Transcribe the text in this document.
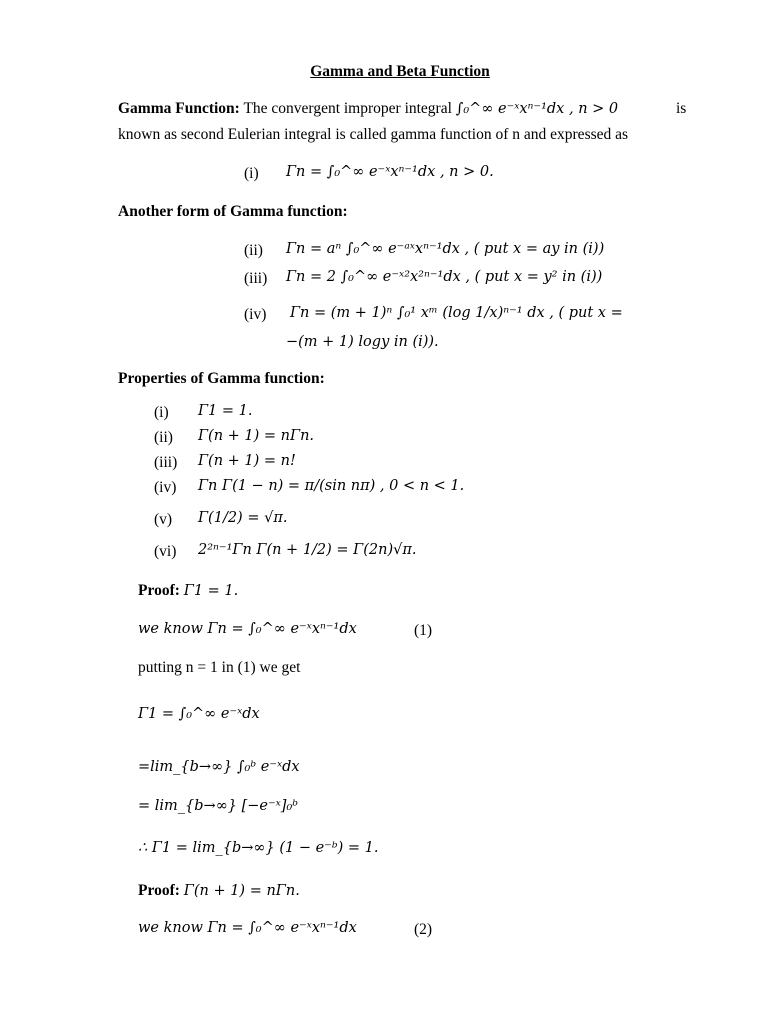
Gamma and Beta Function
Gamma Function: The convergent improper integral ∫₀^∞ e⁻ˣxⁿ⁻¹dx , n > 0	is
known as second Eulerian integral is called gamma function of n and expressed as
(i) Γn = ∫₀^∞ e⁻ˣxⁿ⁻¹dx , n > 0.
Another form of Gamma function:
(ii) Γn = aⁿ ∫₀^∞ e⁻ᵃˣxⁿ⁻¹dx , ( put x = ay in (i))
(iii) Γn = 2 ∫₀^∞ e⁻ˣ²x²ⁿ⁻¹dx , ( put x = y² in (i))
(iv) Γn = (m + 1)ⁿ ∫₀¹ xᵐ (log 1/x)ⁿ⁻¹ dx , ( put x =
−(m + 1) logy in (i)).
Properties of Gamma function:
(i) Γ1 = 1.
(ii) Γ(n + 1) = nΓn.
(iii) Γ(n + 1) = n!
(iv) Γn Γ(1 − n) = π/(sin nπ) , 0 < n < 1.
(v) Γ(1/2) = √π.
(vi) 2²ⁿ⁻¹Γn Γ(n + 1/2) = Γ(2n)√π.
Proof: Γ1 = 1.
we know Γn = ∫₀^∞ e⁻ˣxⁿ⁻¹dx	(1)
putting n = 1 in (1) we get
Γ1 = ∫₀^∞ e⁻ˣdx
=lim_{b→∞} ∫₀ᵇ e⁻ˣdx
= lim_{b→∞} [−e⁻ˣ]₀ᵇ
∴ Γ1 = lim_{b→∞} (1 − e⁻ᵇ) = 1.
Proof: Γ(n + 1) = nΓn.
we know Γn = ∫₀^∞ e⁻ˣxⁿ⁻¹dx	(2)
